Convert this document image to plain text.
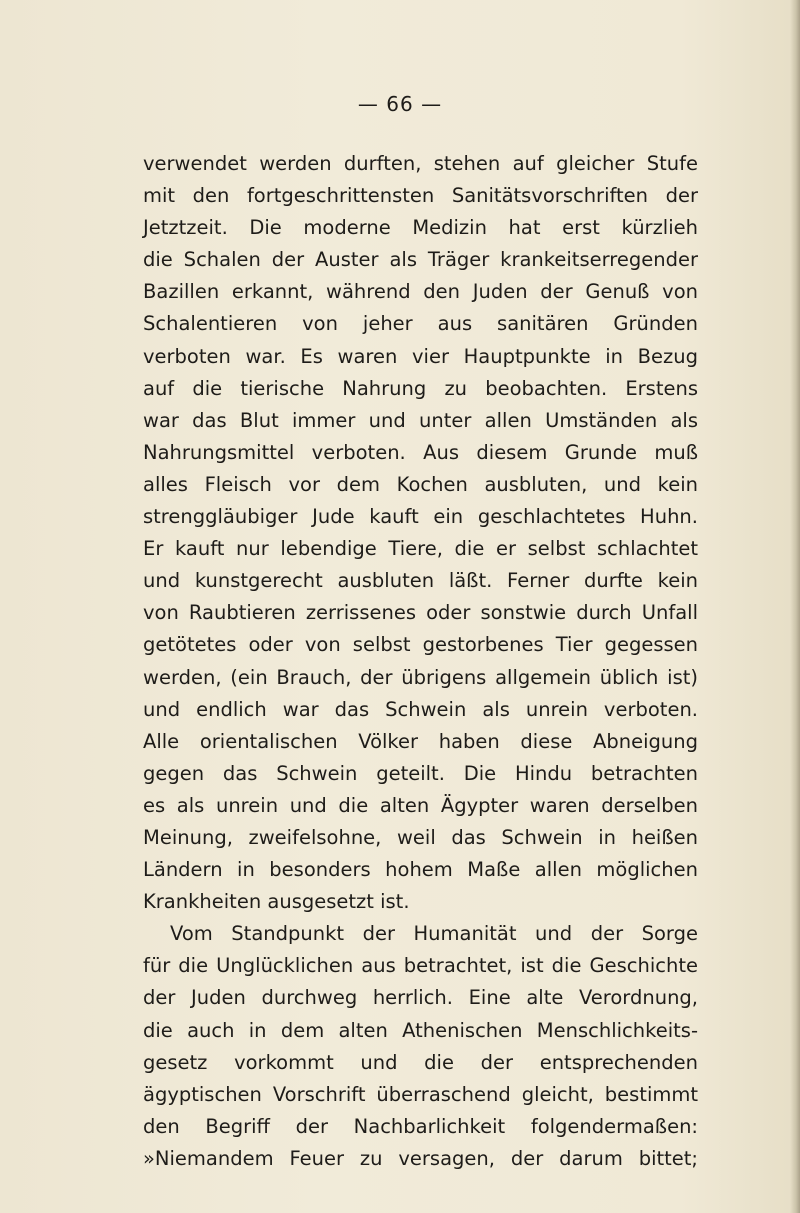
— 66 —
verwendet werden durften, stehen auf gleicher Stufe
mit den fortgeschrittensten Sanitätsvorschriften der
Jetztzeit. Die moderne Medizin hat erst kürzlieh
die Schalen der Auster als Träger krankeitserregender
Bazillen erkannt, während den Juden der Genuß von
Schalentieren von jeher aus sanitären Gründen
verboten war. Es waren vier Hauptpunkte in Bezug
auf die tierische Nahrung zu beobachten. Erstens
war das Blut immer und unter allen Umständen als
Nahrungsmittel verboten. Aus diesem Grunde muß
alles Fleisch vor dem Kochen ausbluten, und kein
strenggläubiger Jude kauft ein geschlachtetes Huhn.
Er kauft nur lebendige Tiere, die er selbst schlachtet
und kunstgerecht ausbluten läßt. Ferner durfte kein
von Raubtieren zerrissenes oder sonstwie durch Unfall
getötetes oder von selbst gestorbenes Tier gegessen
werden, (ein Brauch, der übrigens allgemein üblich ist)
und endlich war das Schwein als unrein verboten.
Alle orientalischen Völker haben diese Abneigung
gegen das Schwein geteilt. Die Hindu betrachten
es als unrein und die alten Ägypter waren derselben
Meinung, zweifelsohne, weil das Schwein in heißen
Ländern in besonders hohem Maße allen möglichen
Krankheiten ausgesetzt ist.
Vom Standpunkt der Humanität und der Sorge
für die Unglücklichen aus betrachtet, ist die Geschichte
der Juden durchweg herrlich. Eine alte Verordnung,
die auch in dem alten Athenischen Menschlichkeits-
gesetz vorkommt und die der entsprechenden
ägyptischen Vorschrift überraschend gleicht, bestimmt
den Begriff der Nachbarlichkeit folgendermaßen:
»Niemandem Feuer zu versagen, der darum bittet;
